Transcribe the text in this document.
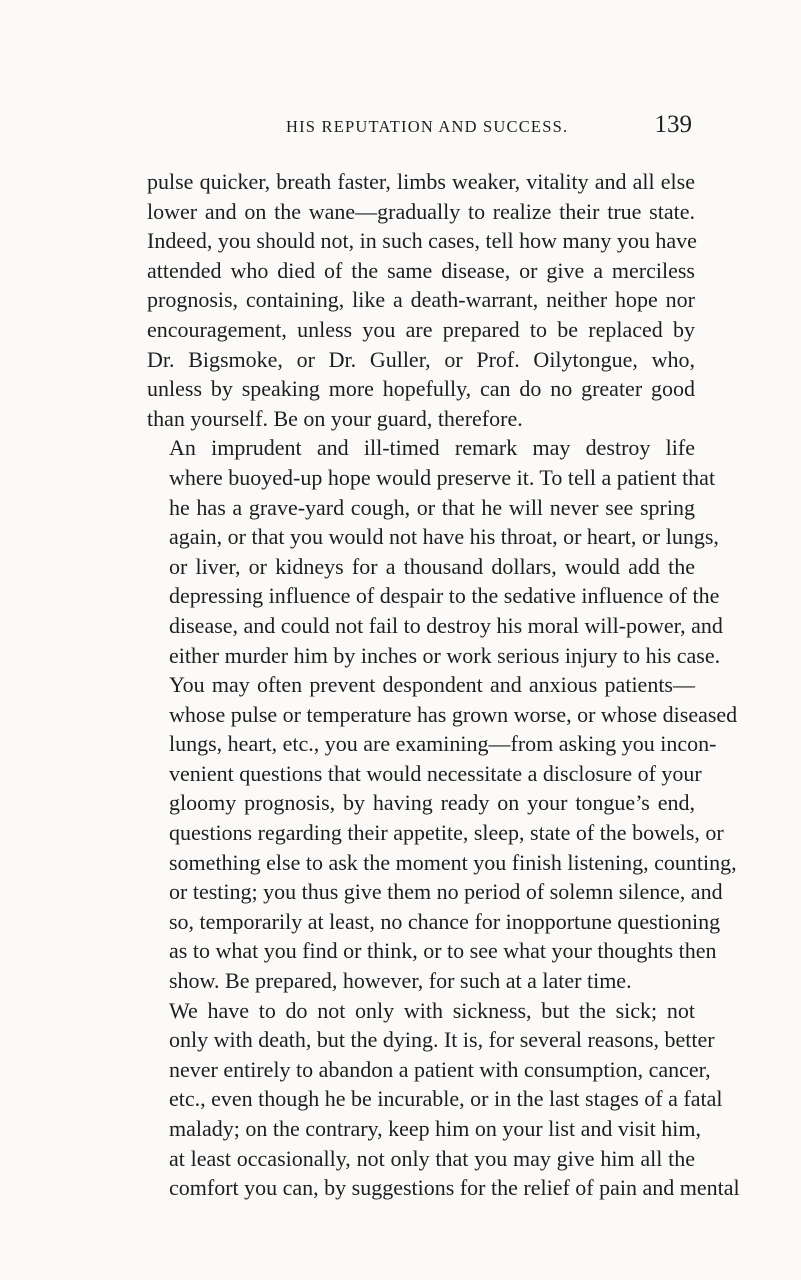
HIS REPUTATION AND SUCCESS.	139

pulse quicker, breath faster, limbs weaker, vitality and all else
lower and on the wane—gradually to realize their true state.
Indeed, you should not, in such cases, tell how many you have
attended who died of the same disease, or give a merciless
prognosis, containing, like a death-warrant, neither hope nor
encouragement, unless you are prepared to be replaced by
Dr. Bigsmoke, or Dr. Guller, or Prof. Oilytongue, who,
unless by speaking more hopefully, can do no greater good
than yourself. Be on your guard, therefore.

An imprudent and ill-timed remark may destroy life
where buoyed-up hope would preserve it. To tell a patient that
he has a grave-yard cough, or that he will never see spring
again, or that you would not have his throat, or heart, or lungs,
or liver, or kidneys for a thousand dollars, would add the
depressing influence of despair to the sedative influence of the
disease, and could not fail to destroy his moral will-power, and
either murder him by inches or work serious injury to his case.

You may often prevent despondent and anxious patients—
whose pulse or temperature has grown worse, or whose diseased
lungs, heart, etc., you are examining—from asking you incon-
venient questions that would necessitate a disclosure of your
gloomy prognosis, by having ready on your tongue’s end,
questions regarding their appetite, sleep, state of the bowels, or
something else to ask the moment you finish listening, counting,
or testing; you thus give them no period of solemn silence, and
so, temporarily at least, no chance for inopportune questioning
as to what you find or think, or to see what your thoughts then
show. Be prepared, however, for such at a later time.

We have to do not only with sickness, but the sick; not
only with death, but the dying. It is, for several reasons, better
never entirely to abandon a patient with consumption, cancer,
etc., even though he be incurable, or in the last stages of a fatal
malady; on the contrary, keep him on your list and visit him,
at least occasionally, not only that you may give him all the
comfort you can, by suggestions for the relief of pain and mental
